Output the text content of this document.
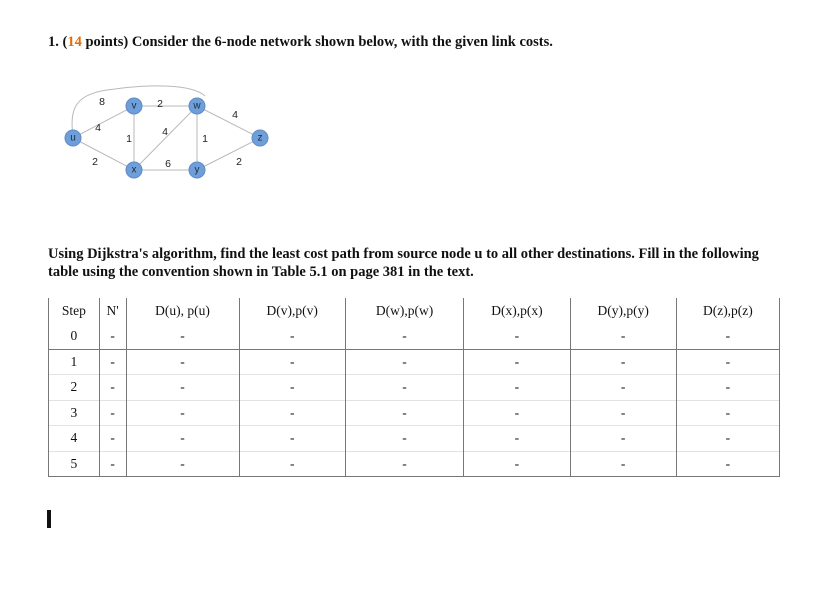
1. (14 points) Consider the 6-node network shown below, with the given link costs.
8
4
2
2
1
4
6
1
4
2
u
v	w
x	y
z
Using Dijkstra's algorithm, find the least cost path from source node u to all other destinations. Fill in the following
table using the convention shown in Table 5.1 on page 381 in the text.
Step	N'	D(u), p(u)	D(v),p(v)	D(w),p(w)	D(x),p(x)	D(y),p(y)	D(z),p(z)
0	-	-	-	-	-	-	-
1	-	-	-	-	-	-	-
2	-	-	-	-	-	-	-
3	-	-	-	-	-	-	-
4	-	-	-	-	-	-	-
5	-	-	-	-	-	-	-
